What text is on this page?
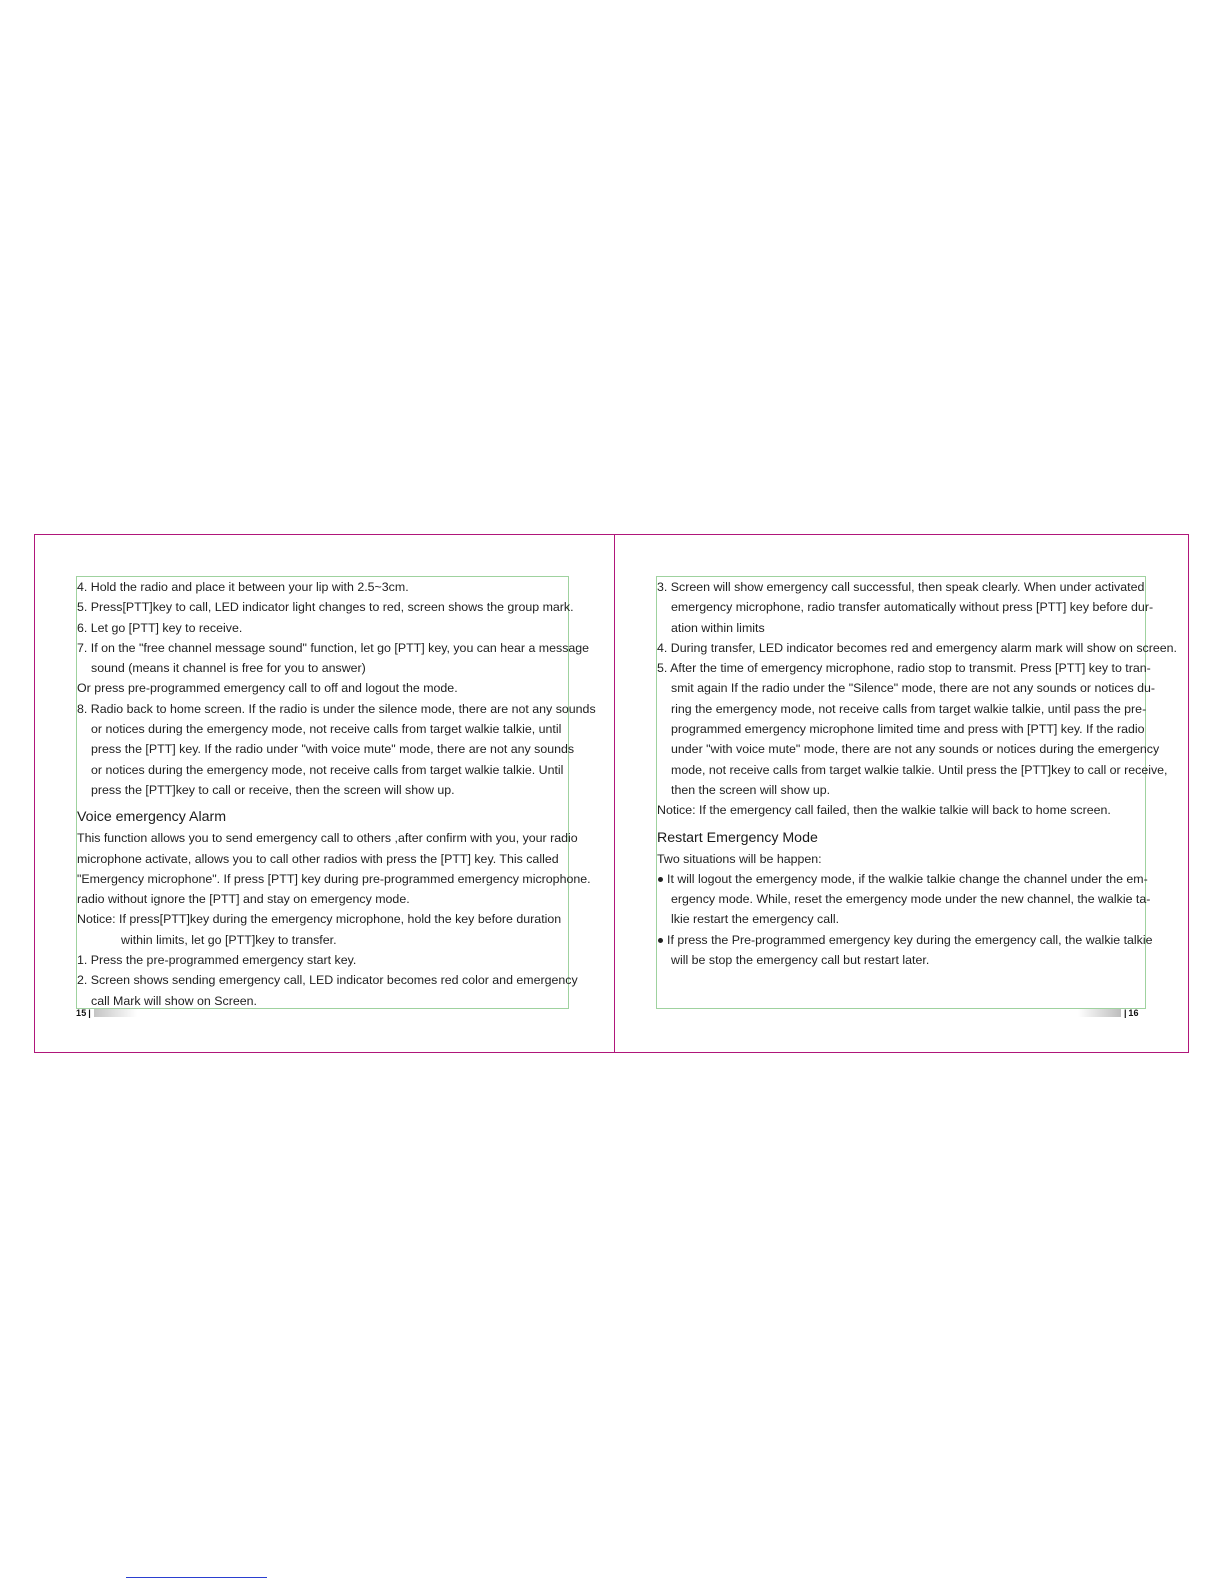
4. Hold the radio and place it between your lip with 2.5~3cm.
5. Press[PTT]key to call, LED indicator light changes to red, screen shows the group mark.
6. Let go [PTT] key to receive.
7. If on the "free channel message sound" function, let go [PTT] key, you can hear a message
sound (means it channel is free for you to answer)
Or press pre-programmed emergency call to off and logout the mode.
8. Radio back to home screen. If the radio is under the silence mode, there are not any sounds
or notices during the emergency mode, not receive calls from target walkie talkie, until
press the [PTT] key. If the radio under "with voice mute" mode, there are not any sounds
or notices during the emergency mode, not receive calls from target walkie talkie. Until
press the [PTT]key to call or receive, then the screen will show up.
Voice emergency Alarm
This function allows you to send emergency call to others ,after confirm with you, your radio
microphone activate, allows you to call other radios with press the [PTT] key. This called
"Emergency microphone". If press [PTT] key during pre-programmed emergency microphone.
radio without ignore the [PTT] and stay on emergency mode.
Notice: If press[PTT]key during the emergency microphone, hold the key before duration
within limits, let go [PTT]key to transfer.
1. Press the pre-programmed emergency start key.
2. Screen shows sending emergency call, LED indicator becomes red color and emergency
call Mark will show on Screen.
15  |
3. Screen will show emergency call successful, then speak clearly. When under activated
emergency microphone, radio transfer automatically without press [PTT] key before dur-
ation within limits
4. During transfer, LED indicator becomes red and emergency alarm mark will show on screen.
5. After the time of emergency microphone, radio stop to transmit. Press [PTT] key to tran-
smit again If the radio under the "Silence" mode, there are not any sounds or notices du-
ring the emergency mode, not receive calls from target walkie talkie, until pass the pre-
programmed emergency microphone limited time and press with [PTT] key. If the radio
under "with voice mute" mode, there are not any sounds or notices during the emergency
mode, not receive calls from target walkie talkie. Until press the [PTT]key to call or receive,
then the screen will show up.
Notice: If the emergency call failed, then the walkie talkie will back to home screen.
Restart Emergency Mode
Two situations will be happen:
It will logout the emergency mode, if the walkie talkie change the channel under the em-
ergency mode. While, reset the emergency mode under the new channel, the walkie ta-
lkie restart the emergency call.
If press the Pre-programmed emergency key during the emergency call, the walkie talkie
will be stop the emergency call but restart later.
|  16
